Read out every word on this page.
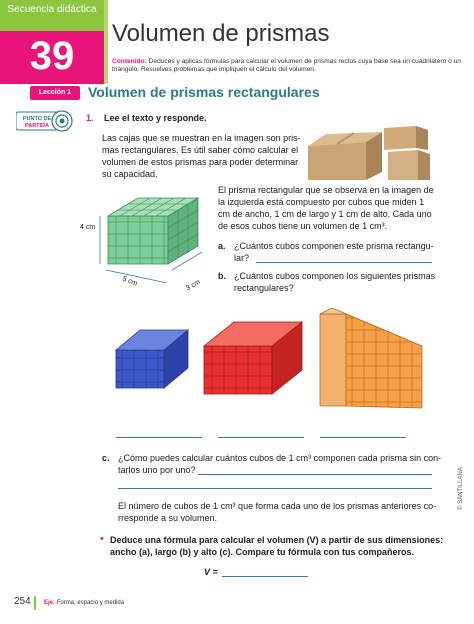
Secuencia didáctica
39
Volumen de prismas
Contenido: Deduces y aplicas fórmulas para calcular el volumen de prismas rectos cuya base sea un cuadrilátero o un triángulo. Resuelves problemas que impliquen el cálculo del volumen.
Lección 1	Volumen de prismas rectangulares
PUNTO DE
PARTIDA
1. Lee el texto y responde.
Las cajas que se muestran en la imagen son pris-
mas rectangulares. Es útil saber cómo calcular el
volumen de estos prismas para poder determinar
su capacidad.
4 cm
5 cm	3 cm
El prisma rectangular que se observa en la imagen de
la izquierda está compuesto por cubos que miden 1
cm de ancho, 1 cm de largo y 1 cm de alto. Cada uno
de esos cubos tiene un volumen de 1 cm³.
a. ¿Cuántos cubos componen este prisma rectangu-
lar?
b. ¿Cuántos cubos componen los siguientes prismas
rectangulares?
c. ¿Cómo puedes calcular cuántos cubos de 1 cm³ componen cada prisma sin con-
tarlos uno por uno?
El número de cubos de 1 cm³ que forma cada uno de los prismas anteriores co-
rresponde a su volumen.
• Deduce una fórmula para calcular el volumen (V) a partir de sus dimensiones:
ancho (a), largo (b) y alto (c). Compare tu fórmula con tus compañeros.
V =
254 Eje: Forma, espacio y medida
© SANTILLANA
